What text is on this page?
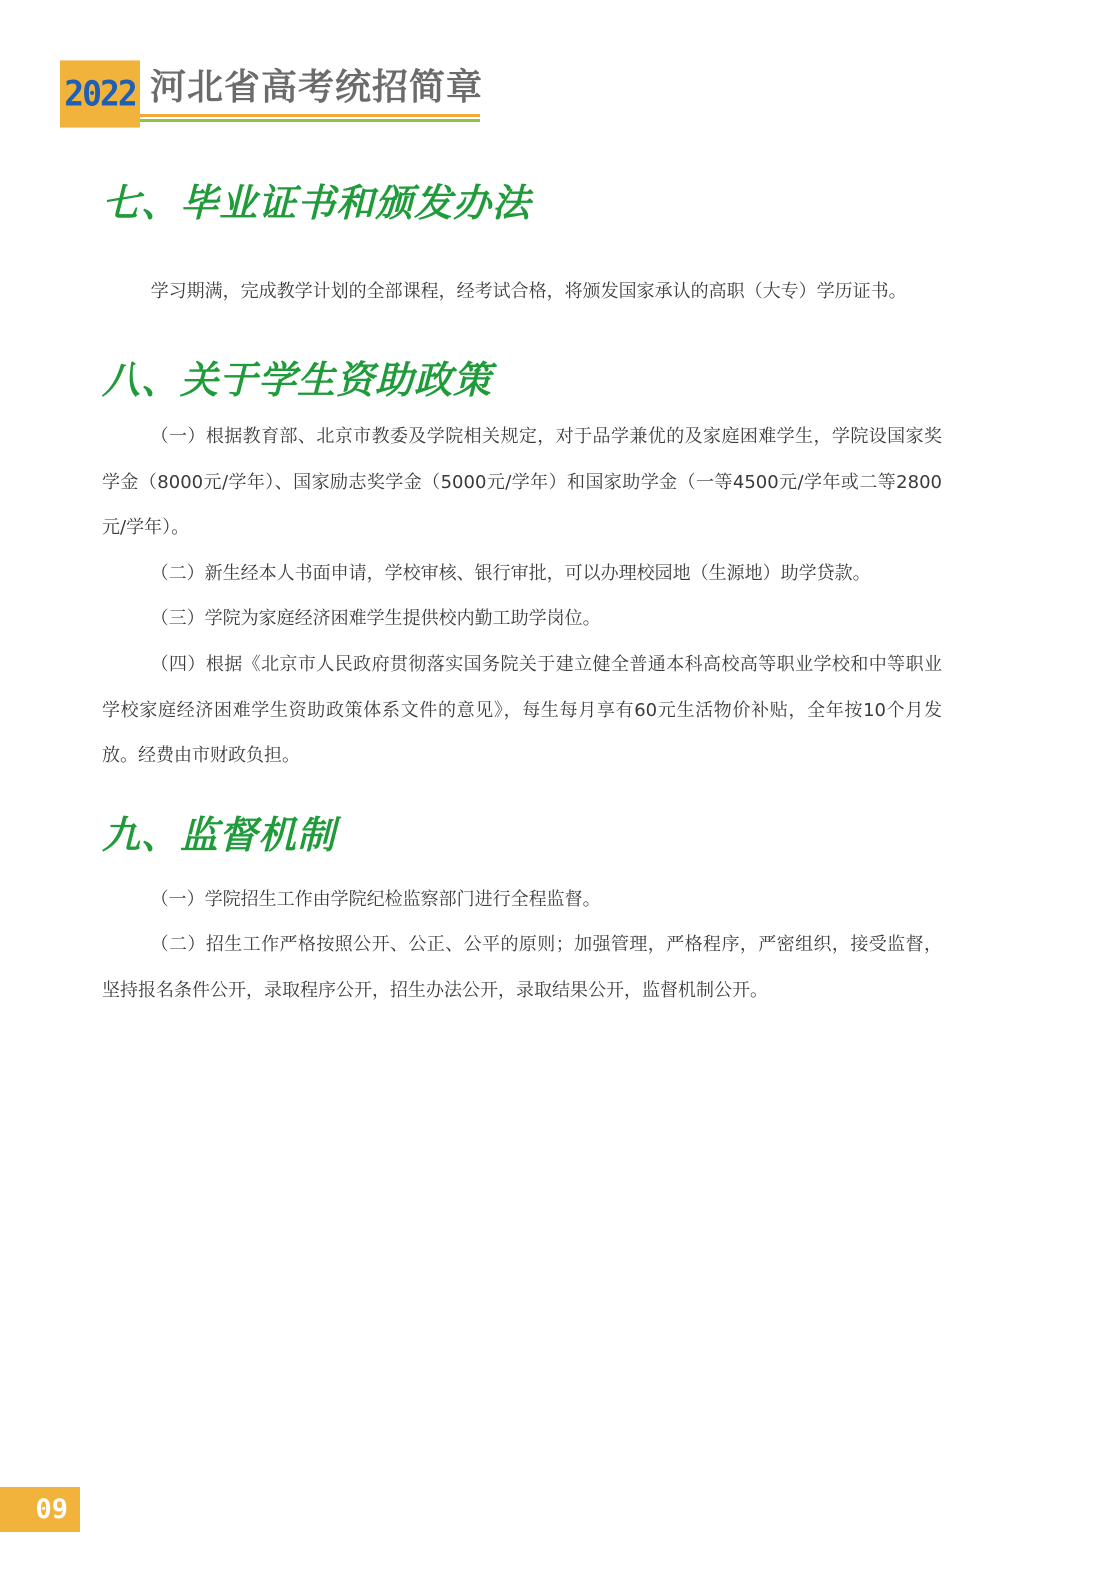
2022 河北省高考统招简章
七、毕业证书和颁发办法

学习期满，完成教学计划的全部课程，经考试合格，将颁发国家承认的高职（大专）学历证书。

八、关于学生资助政策

（一）根据教育部、北京市教委及学院相关规定，对于品学兼优的及家庭困难学生，学院设国家奖学金（8000元/学年）、国家励志奖学金（5000元/学年）和国家助学金（一等4500元/学年或二等2800元/学年）。

（二）新生经本人书面申请，学校审核、银行审批，可以办理校园地（生源地）助学贷款。

（三）学院为家庭经济困难学生提供校内勤工助学岗位。

（四）根据《北京市人民政府贯彻落实国务院关于建立健全普通本科高校高等职业学校和中等职业学校家庭经济困难学生资助政策体系文件的意见》，每生每月享有60元生活物价补贴，全年按10个月发放。经费由市财政负担。

九、监督机制

（一）学院招生工作由学院纪检监察部门进行全程监督。

（二）招生工作严格按照公开、公正、公平的原则；加强管理，严格程序，严密组织，接受监督，坚持报名条件公开，录取程序公开，招生办法公开，录取结果公开，监督机制公开。

09
